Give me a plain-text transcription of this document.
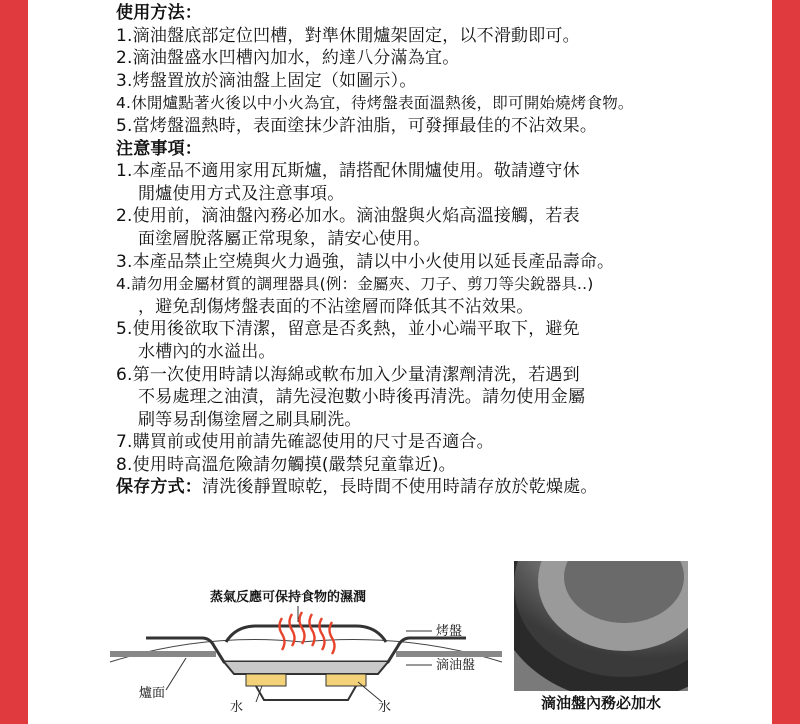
使用方法：
1.滴油盤底部定位凹槽，對準休閒爐架固定，以不滑動即可。
2.滴油盤盛水凹槽內加水，約達八分滿為宜。
3.烤盤置放於滴油盤上固定（如圖示）。
4.休閒爐點著火後以中小火為宜，待烤盤表面溫熱後，即可開始燒烤食物。
5.當烤盤溫熱時，表面塗抹少許油脂，可發揮最佳的不沾效果。
注意事項：
1.本產品不適用家用瓦斯爐，請搭配休閒爐使用。敬請遵守休
閒爐使用方式及注意事項。
2.使用前，滴油盤內務必加水。滴油盤與火焰高溫接觸，若表
面塗層脫落屬正常現象，請安心使用。
3.本產品禁止空燒與火力過強，請以中小火使用以延長產品壽命。
4.請勿用金屬材質的調理器具(例：金屬夾、刀子、剪刀等尖銳器具..)
，避免刮傷烤盤表面的不沾塗層而降低其不沾效果。
5.使用後欲取下清潔，留意是否炙熱，並小心端平取下，避免
水槽內的水溢出。
6.第一次使用時請以海綿或軟布加入少量清潔劑清洗，若遇到
不易處理之油漬，請先浸泡數小時後再清洗。請勿使用金屬
刷等易刮傷塗層之刷具刷洗。
7.購買前或使用前請先確認使用的尺寸是否適合。
8.使用時高溫危險請勿觸摸(嚴禁兒童靠近)。
保存方式：清洗後靜置晾乾，長時間不使用時請存放於乾燥處。
蒸氣反應可保持食物的濕潤
烤盤
滴油盤
爐面
水	水	滴油盤內務必加水
